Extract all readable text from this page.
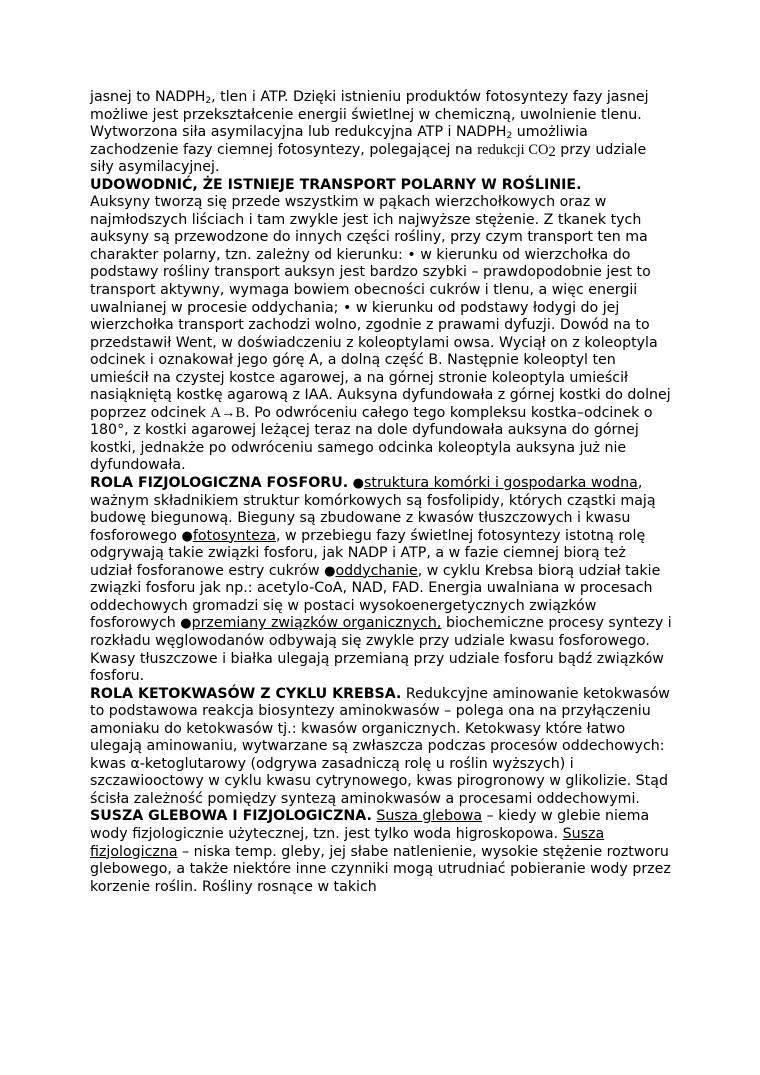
jasnej to $NADPH_2$, tlen i ATP. Dzięki istnieniu produktów fotosyntezy fazy jasnej możliwe jest przekształcenie energii świetlnej w chemiczną, uwolnienie tlenu. Wytworzona siła asymilacyjna lub redukcyjna ATP i $NADPH_2$ umożliwia zachodzenie fazy ciemnej fotosyntezy, polegającej na redukcji $CO_2$ przy udziale siły asymilacyjnej.

UDOWODNIĆ, ŻE ISTNIEJE TRANSPORT POLARNY W ROŚLINIE.
Auksyny tworzą się przede wszystkim w pąkach wierzchołkowych oraz w najmłodszych liściach i tam zwykle jest ich najwyższe stężenie. Z tkanek tych auksyny są przewodzone do innych części rośliny, przy czym transport ten ma charakter polarny, tzn. zależny od kierunku: • w kierunku od wierzchołka do podstawy rośliny transport auksyn jest bardzo szybki – prawdopodobnie jest to transport aktywny, wymaga bowiem obecności cukrów i tlenu, a więc energii uwalnianej w procesie oddychania; • w kierunku od podstawy łodygi do jej wierzchołka transport zachodzi wolno, zgodnie z prawami dyfuzji. Dowód na to przedstawił Went, w doświadczeniu z koleoptylami owsa. Wyciął on z koleoptyla odcinek i oznakował jego górę A, a dolną część B. Następnie koleoptyl ten umieścił na czystej kostce agarowej, a na górnej stronie koleoptyla umieścił nasiąkniętą kostkę agarową z IAA. Auksyna dyfundowała z górnej kostki do dolnej poprzez odcinek A→B. Po odwróceniu całego tego kompleksu kostka–odcinek o 180°, z kostki agarowej leżącej teraz na dole dyfundowała auksyna do górnej kostki, jednakże po odwróceniu samego odcinka koleoptyla auksyna już nie dyfundowała.

ROLA FIZJOLOGICZNA FOSFORU. ●struktura komórki i gospodarka wodna, ważnym składnikiem struktur komórkowych są fosfolipidy, których cząstki mają budowę biegunową. Bieguny są zbudowane z kwasów tłuszczowych i kwasu fosforowego ●fotosynteza, w przebiegu fazy świetlnej fotosyntezy istotną rolę odgrywają takie związki fosforu, jak NADP i ATP, a w fazie ciemnej biorą też udział fosforanowe estry cukrów ●oddychanie, w cyklu Krebsa biorą udział takie związki fosforu jak np.: acetylo-CoA, NAD, FAD. Energia uwalniana w procesach oddechowych gromadzi się w postaci wysokoenergetycznych związków fosforowych ●przemiany związków organicznych, biochemiczne procesy syntezy i rozkładu węglowodanów odbywają się zwykle przy udziale kwasu fosforowego. Kwasy tłuszczowe i białka ulegają przemianą przy udziale fosforu bądź związków fosforu.

ROLA KETOKWASÓW Z CYKLU KREBSA. Redukcyjne aminowanie ketokwasów to podstawowa reakcja biosyntezy aminokwasów – polega ona na przyłączeniu amoniaku do ketokwasów tj.: kwasów organicznych. Ketokwasy które łatwo ulegają aminowaniu, wytwarzane są zwłaszcza podczas procesów oddechowych: kwas α-ketoglutarowy (odgrywa zasadniczą rolę u roślin wyższych) i szczawiooctowy w cyklu kwasu cytrynowego, kwas pirogronowy w glikolizie. Stąd ścisła zależność pomiędzy syntezą aminokwasów a procesami oddechowymi.

SUSZA GLEBOWA I FIZJOLOGICZNA. Susza glebowa – kiedy w glebie niema wody fizjologicznie użytecznej, tzn. jest tylko woda higroskopowa. Susza fizjologiczna – niska temp. gleby, jej słabe natlenienie, wysokie stężenie roztworu glebowego, a także niektóre inne czynniki mogą utrudniać pobieranie wody przez korzenie roślin. Rośliny rosnące w takich
